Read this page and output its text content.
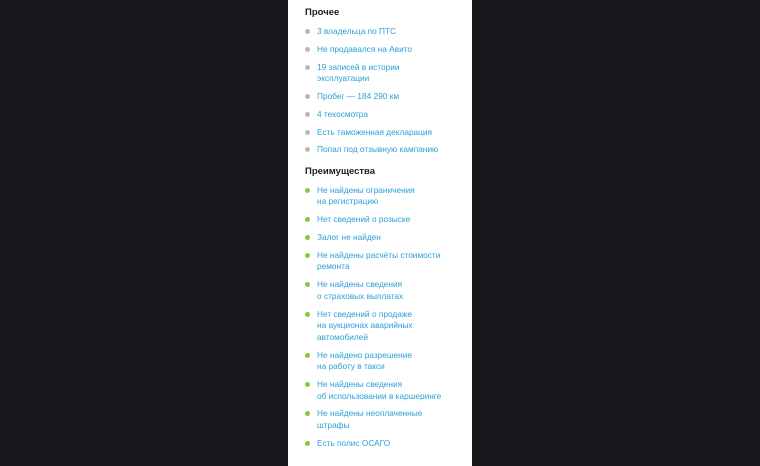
Прочее
3 владельца по ПТС
Не продавался на Авито
19 записей в истории
эксплуатации
Пробег — 184 290 км
4 техосмотра
Есть таможенная декларация
Попал под отзывную кампанию
Преимущества
Не найдены ограничения
на регистрацию
Нет сведений о розыске
Залог не найден
Не найдены расчёты стоимости
ремонта
Не найдены сведения
о страховых выплатах
Нет сведений о продаже
на аукционах аварийных
автомобилей
Не найдено разрешение
на работу в такси
Не найдены сведения
об использовании в каршеринге
Не найдены неоплаченные
штрафы
Есть полис ОСАГО
